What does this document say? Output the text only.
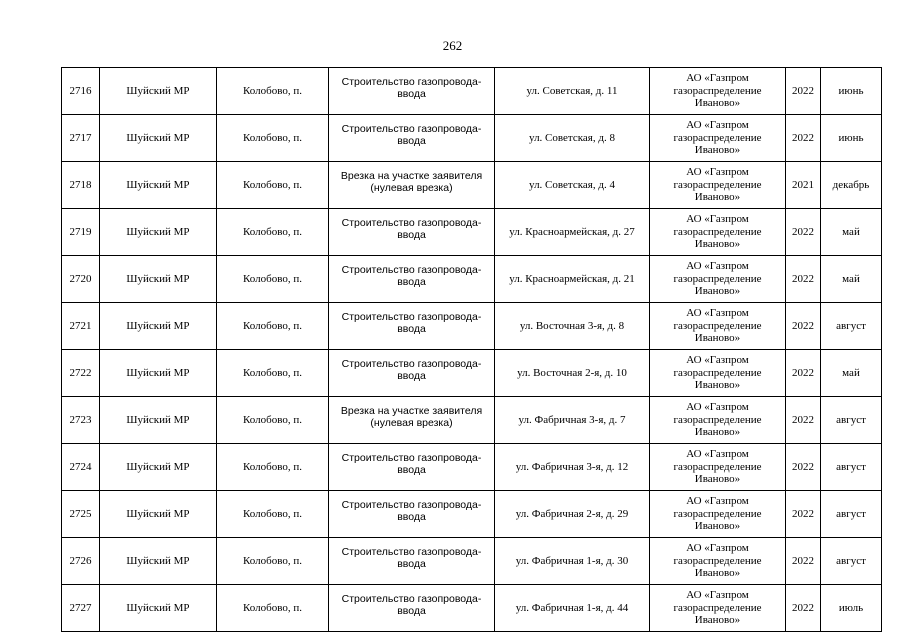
262
2716	Шуйский МР	Колобово, п.	Строительство газопровода-ввода	ул. Советская, д. 11	АО «Газпром газораспределение Иваново»	2022	июнь
2717	Шуйский МР	Колобово, п.	Строительство газопровода-ввода	ул. Советская, д. 8	АО «Газпром газораспределение Иваново»	2022	июнь
2718	Шуйский МР	Колобово, п.	Врезка на участке заявителя (нулевая врезка)	ул. Советская, д. 4	АО «Газпром газораспределение Иваново»	2021	декабрь
2719	Шуйский МР	Колобово, п.	Строительство газопровода-ввода	ул. Красноармейская, д. 27	АО «Газпром газораспределение Иваново»	2022	май
2720	Шуйский МР	Колобово, п.	Строительство газопровода-ввода	ул. Красноармейская, д. 21	АО «Газпром газораспределение Иваново»	2022	май
2721	Шуйский МР	Колобово, п.	Строительство газопровода-ввода	ул. Восточная 3-я, д. 8	АО «Газпром газораспределение Иваново»	2022	август
2722	Шуйский МР	Колобово, п.	Строительство газопровода-ввода	ул. Восточная 2-я, д. 10	АО «Газпром газораспределение Иваново»	2022	май
2723	Шуйский МР	Колобово, п.	Врезка на участке заявителя (нулевая врезка)	ул. Фабричная 3-я, д. 7	АО «Газпром газораспределение Иваново»	2022	август
2724	Шуйский МР	Колобово, п.	Строительство газопровода-ввода	ул. Фабричная 3-я, д. 12	АО «Газпром газораспределение Иваново»	2022	август
2725	Шуйский МР	Колобово, п.	Строительство газопровода-ввода	ул. Фабричная 2-я, д. 29	АО «Газпром газораспределение Иваново»	2022	август
2726	Шуйский МР	Колобово, п.	Строительство газопровода-ввода	ул. Фабричная 1-я, д. 30	АО «Газпром газораспределение Иваново»	2022	август
2727	Шуйский МР	Колобово, п.	Строительство газопровода-ввода	ул. Фабричная 1-я, д. 44	АО «Газпром газораспределение Иваново»	2022	июль
